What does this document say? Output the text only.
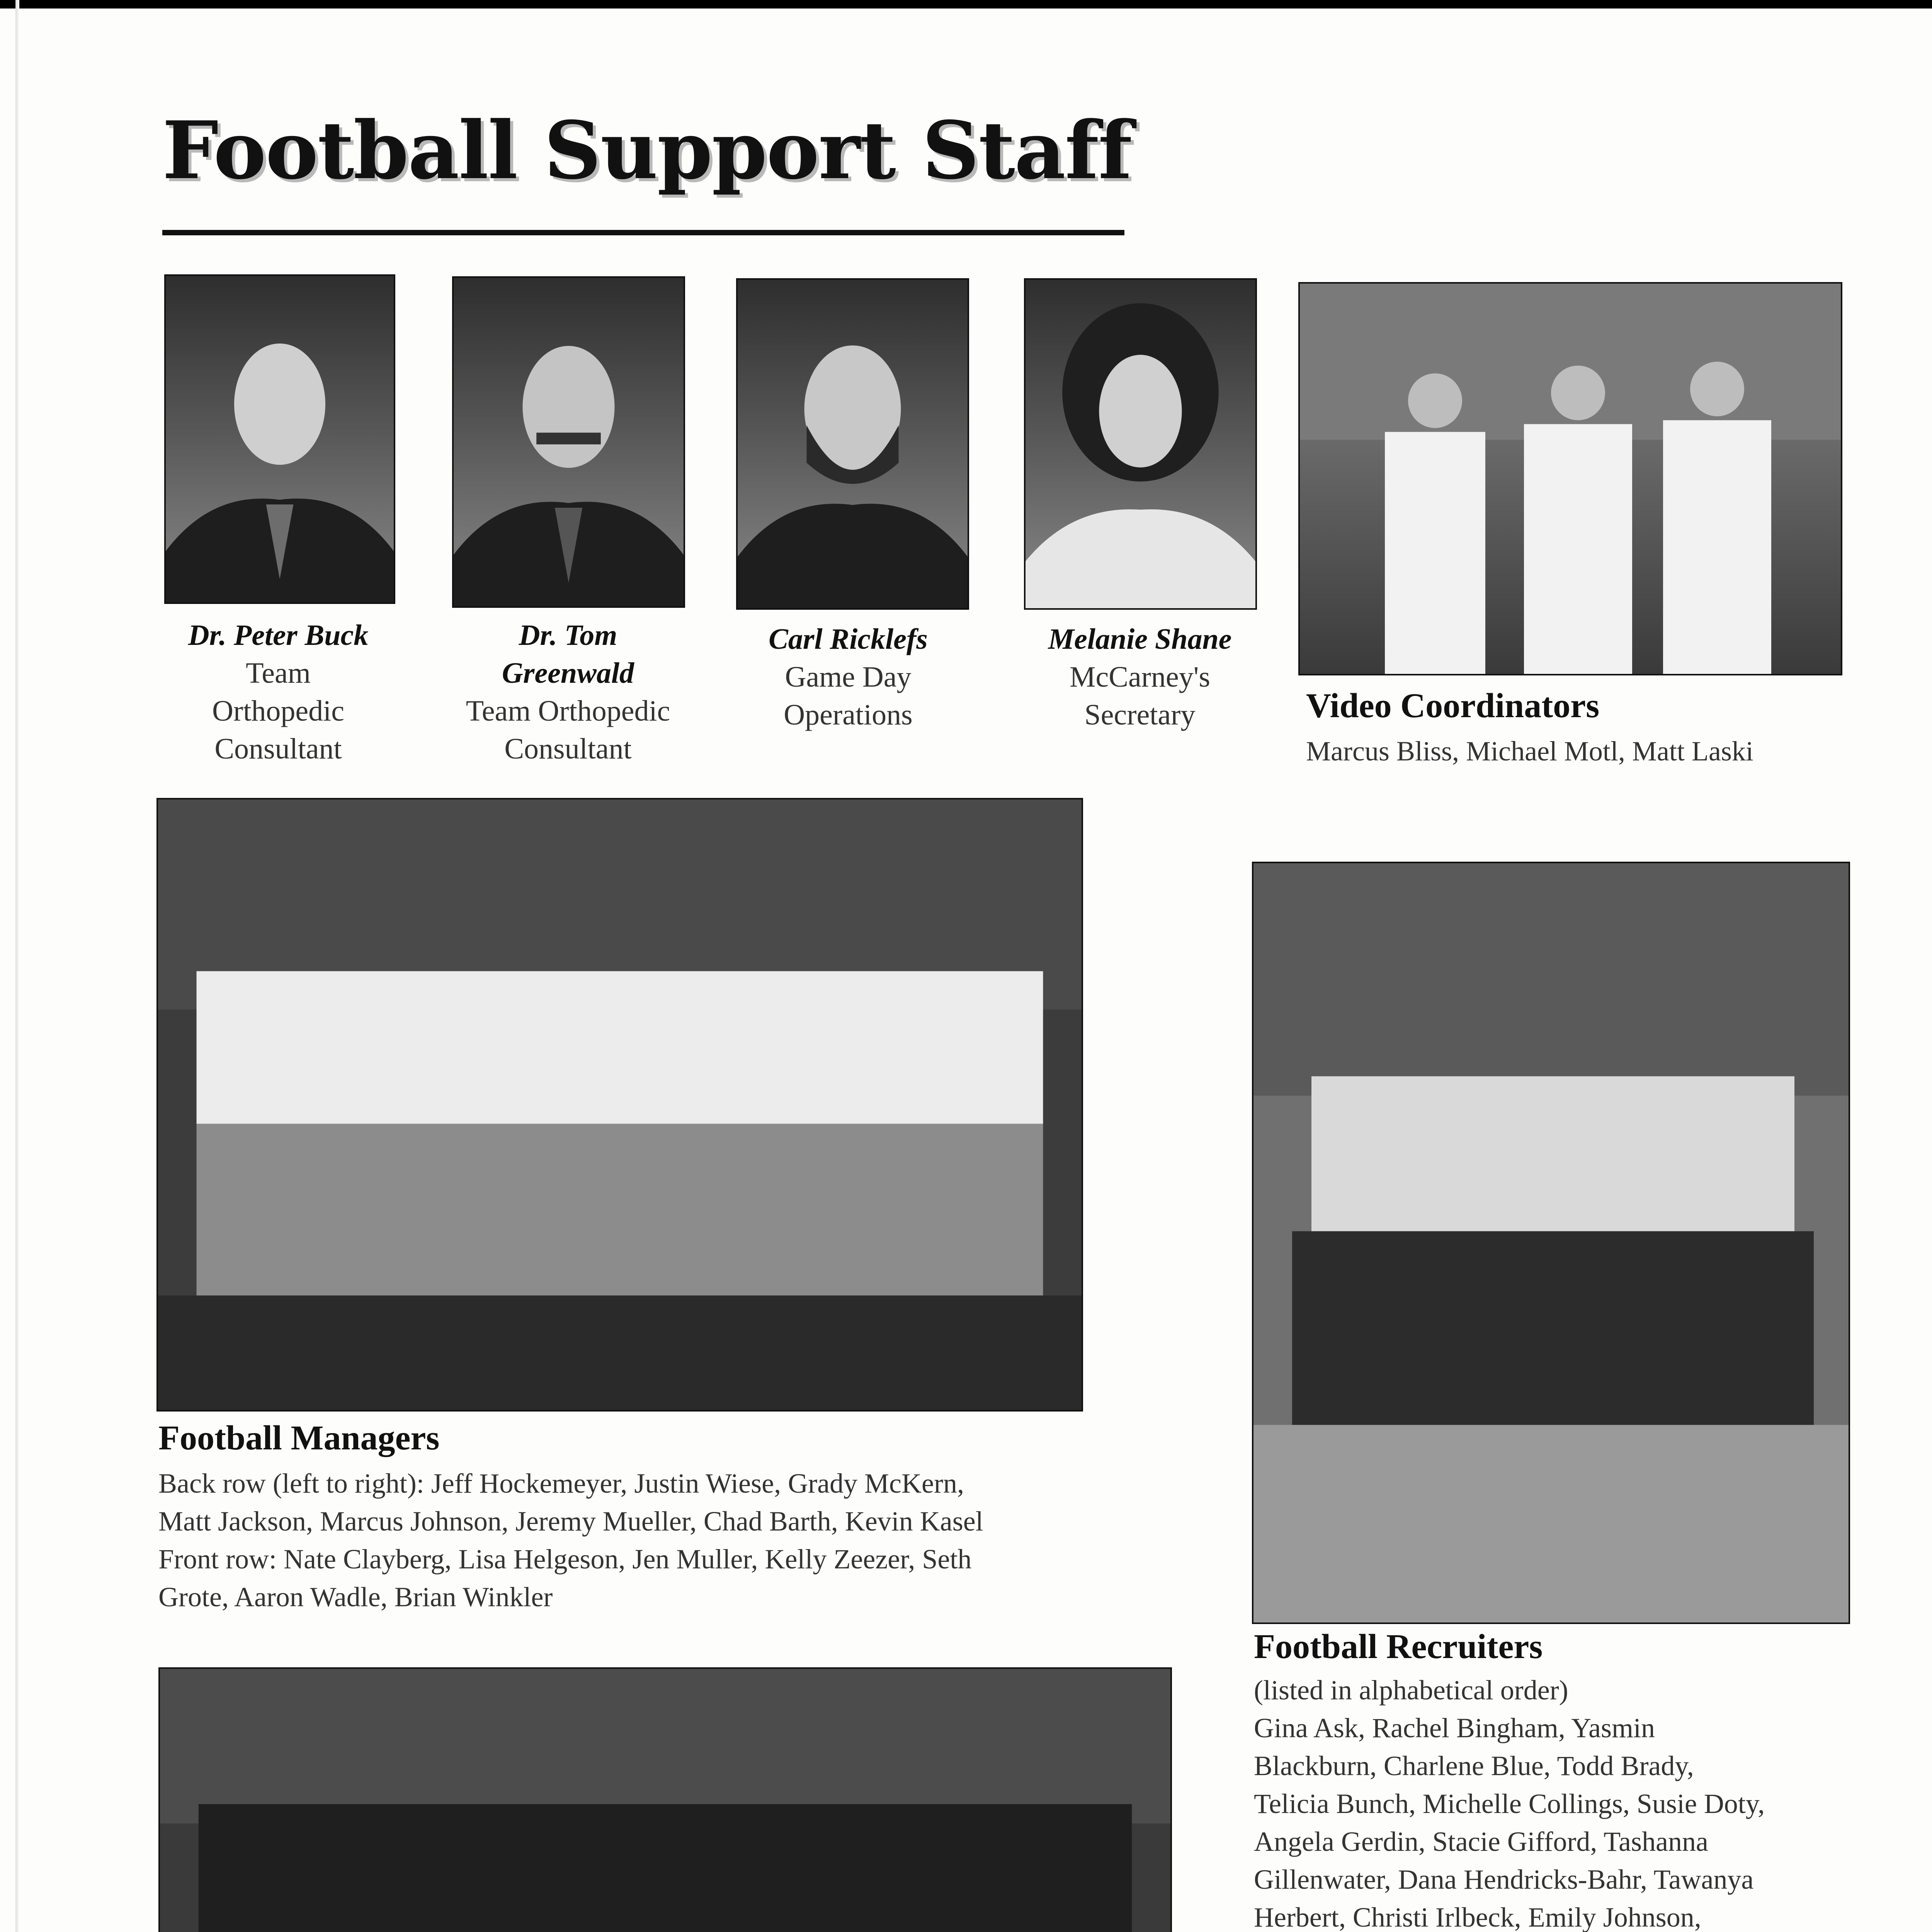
Football Support Staff
Dr. Peter Buck
Team
Orthopedic
Consultant
Dr. Tom
Greenwald
Team Orthopedic
Consultant
Carl Ricklefs
Game Day
Operations
Melanie Shane
McCarney's
Secretary	Video Coordinators
Marcus Bliss, Michael Motl, Matt Laski
Football Managers
Back row (left to right): Jeff Hockemeyer, Justin Wiese, Grady McKern,
Matt Jackson, Marcus Johnson, Jeremy Mueller, Chad Barth, Kevin Kasel
Front row: Nate Clayberg, Lisa Helgeson, Jen Muller, Kelly Zeezer, Seth
Grote, Aaron Wadle, Brian Winkler
Football Recruiters
(listed in alphabetical order)
Gina Ask, Rachel Bingham, Yasmin
Blackburn, Charlene Blue, Todd Brady,
Telicia Bunch, Michelle Collings, Susie Doty,
Angela Gerdin, Stacie Gifford, Tashanna
Gillenwater, Dana Hendricks-Bahr, Tawanya
Herbert, Christi Irlbeck, Emily Johnson,
